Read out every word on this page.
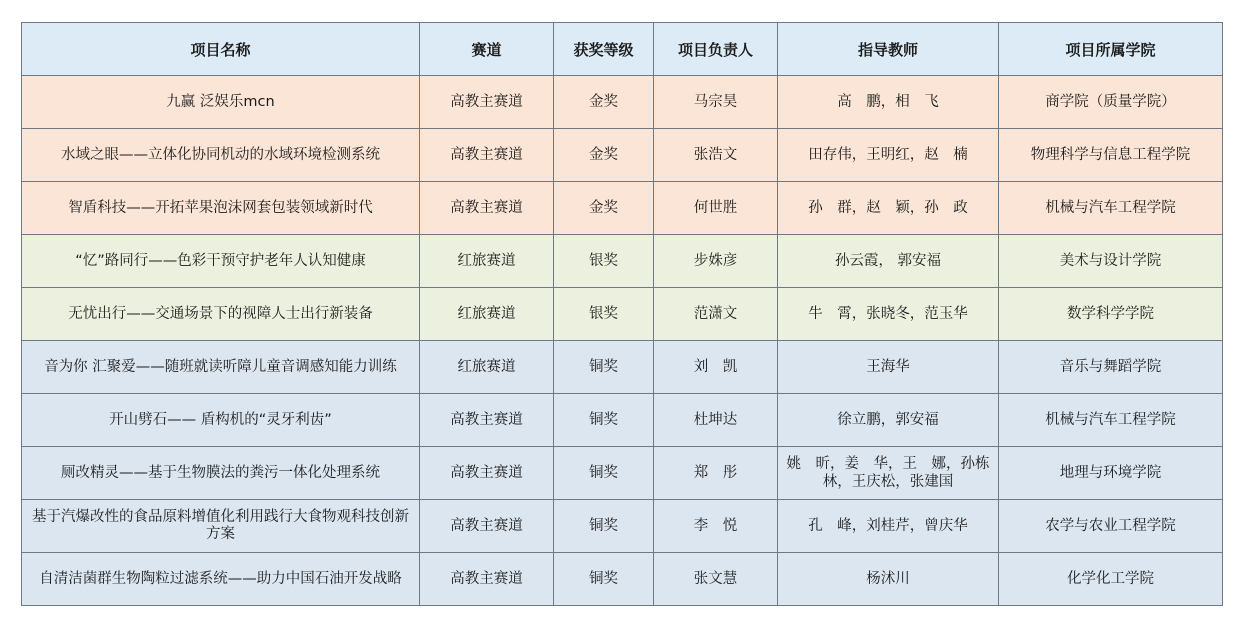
项目名称	赛道	获奖等级	项目负责人	指导教师	项目所属学院
九赢 泛娱乐mcn	高教主赛道	金奖	马宗昊	高　鹏，相　飞	商学院（质量学院）
水域之眼——立体化协同机动的水域环境检测系统	高教主赛道	金奖	张浩文	田存伟，王明红，赵　楠	物理科学与信息工程学院
智盾科技——开拓苹果泡沫网套包装领域新时代	高教主赛道	金奖	何世胜	孙　群，赵　颖，孙　政	机械与汽车工程学院
“忆”路同行——色彩干预守护老年人认知健康	红旅赛道	银奖	步姝彦	孙云霞， 郭安福	美术与设计学院
无忧出行——交通场景下的视障人士出行新装备	红旅赛道	银奖	范潇文	牛　霄，张晓冬，范玉华	数学科学学院
音为你 汇聚爱——随班就读听障儿童音调感知能力训练	红旅赛道	铜奖	刘　凯	王海华	音乐与舞蹈学院
开山劈石—— 盾构机的“灵牙利齿”	高教主赛道	铜奖	杜坤达	徐立鹏，郭安福	机械与汽车工程学院
厕改精灵——基于生物膜法的粪污一体化处理系统	高教主赛道	铜奖	郑　彤	姚　昕，姜　华，王　娜，孙栋林，王庆松，张建国	地理与环境学院
基于汽爆改性的食品原料增值化利用践行大食物观科技创新方案	高教主赛道	铜奖	李　悦	孔　峰，刘桂芹，曾庆华	农学与农业工程学院
自清洁菌群生物陶粒过滤系统——助力中国石油开发战略	高教主赛道	铜奖	张文慧	杨沭川	化学化工学院
